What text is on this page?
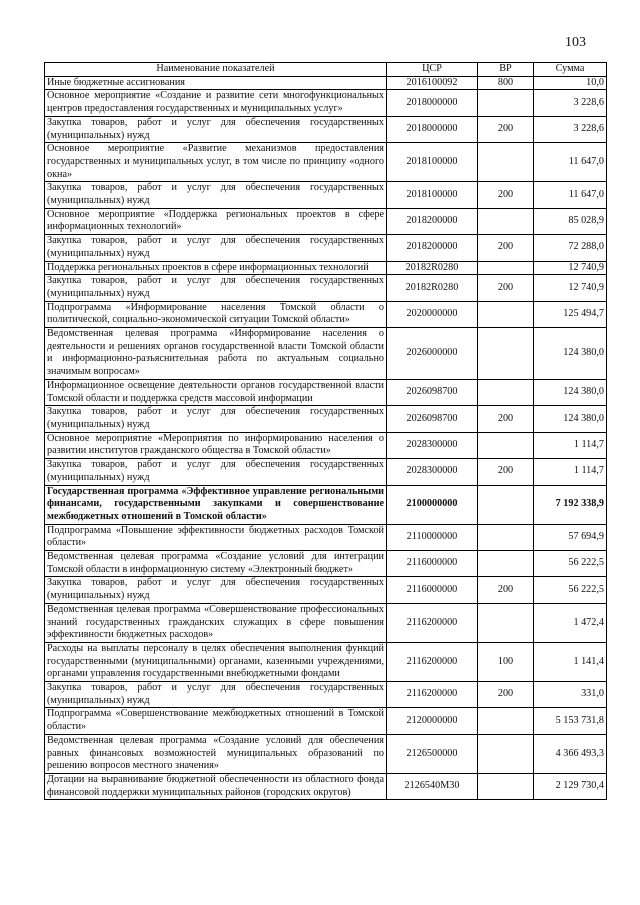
103
Наименование показателей	ЦСР	ВР	Сумма
Иные бюджетные ассигнования	2016100092	800	10,0
Основное мероприятие «Создание и развитие сети многофункциональных центров предоставления государственных и муниципальных услуг»	2018000000		3 228,6
Закупка товаров, работ и услуг для обеспечения государственных (муниципальных) нужд	2018000000	200	3 228,6
Основное мероприятие «Развитие механизмов предоставления государственных и муниципальных услуг, в том числе по принципу «одного окна»	2018100000		11 647,0
Закупка товаров, работ и услуг для обеспечения государственных (муниципальных) нужд	2018100000	200	11 647,0
Основное мероприятие «Поддержка региональных проектов в сфере информационных технологий»	2018200000		85 028,9
Закупка товаров, работ и услуг для обеспечения государственных (муниципальных) нужд	2018200000	200	72 288,0
Поддержка региональных проектов в сфере информационных технологий	20182R0280		12 740,9
Закупка товаров, работ и услуг для обеспечения государственных (муниципальных) нужд	20182R0280	200	12 740,9
Подпрограмма «Информирование населения Томской области о политической, социально-экономической ситуации Томской области»	2020000000		125 494,7
Ведомственная целевая программа «Информирование населения о деятельности и решениях органов государственной власти Томской области и информационно-разъяснительная работа по актуальным социально значимым вопросам»	2026000000		124 380,0
Информационное освещение деятельности органов государственной власти Томской области и поддержка средств массовой информации	2026098700		124 380,0
Закупка товаров, работ и услуг для обеспечения государственных (муниципальных) нужд	2026098700	200	124 380,0
Основное мероприятие «Мероприятия по информированию населения о развитии институтов гражданского общества в Томской области»	2028300000		1 114,7
Закупка товаров, работ и услуг для обеспечения государственных (муниципальных) нужд	2028300000	200	1 114,7
Государственная программа «Эффективное управление региональными финансами, государственными закупками и совершенствование межбюджетных отношений в Томской области»	2100000000		7 192 338,9
Подпрограмма «Повышение эффективности бюджетных расходов Томской области»	2110000000		57 694,9
Ведомственная целевая программа «Создание условий для интеграции Томской области в информационную систему «Электронный бюджет»	2116000000		56 222,5
Закупка товаров, работ и услуг для обеспечения государственных (муниципальных) нужд	2116000000	200	56 222,5
Ведомственная целевая программа «Совершенствование профессиональных знаний государственных гражданских служащих в сфере повышения эффективности бюджетных расходов»	2116200000		1 472,4
Расходы на выплаты персоналу в целях обеспечения выполнения функций государственными (муниципальными) органами, казенными учреждениями, органами управления государственными внебюджетными фондами	2116200000	100	1 141,4
Закупка товаров, работ и услуг для обеспечения государственных (муниципальных) нужд	2116200000	200	331,0
Подпрограмма «Совершенствование межбюджетных отношений в Томской области»	2120000000		5 153 731,8
Ведомственная целевая программа «Создание условий для обеспечения равных финансовых возможностей муниципальных образований по решению вопросов местного значения»	2126500000		4 366 493,3
Дотации на выравнивание бюджетной обеспеченности из областного фонда финансовой поддержки муниципальных районов (городских округов)	2126540М30		2 129 730,4
